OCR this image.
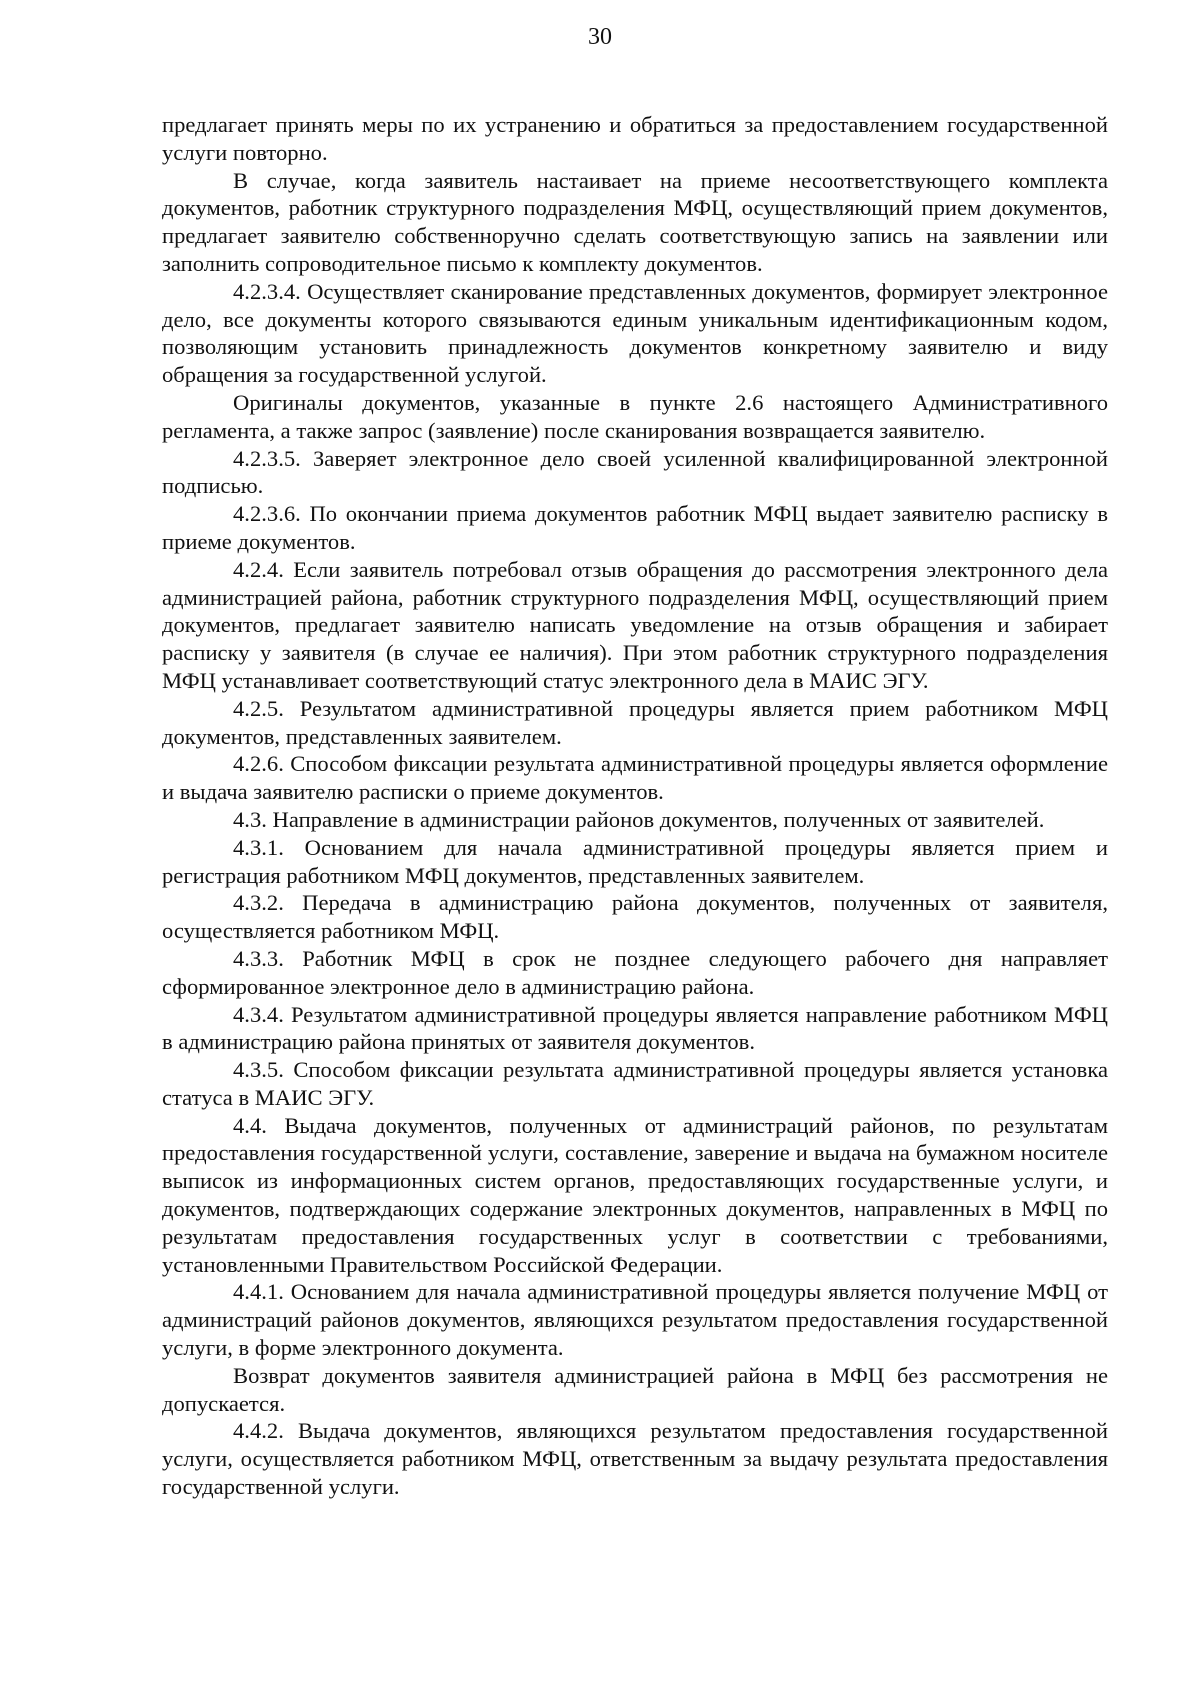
30

предлагает принять меры по их устранению и обратиться за предоставлением государственной услуги повторно.

В случае, когда заявитель настаивает на приеме несоответствующего комплекта документов, работник структурного подразделения МФЦ, осуществляющий прием документов, предлагает заявителю собственноручно сделать соответствующую запись на заявлении или заполнить сопроводительное письмо к комплекту документов.

4.2.3.4. Осуществляет сканирование представленных документов, формирует электронное дело, все документы которого связываются единым уникальным идентификационным кодом, позволяющим установить принадлежность документов конкретному заявителю и виду обращения за государственной услугой.

Оригиналы документов, указанные в пункте 2.6 настоящего Административного регламента, а также запрос (заявление) после сканирования возвращается заявителю.

4.2.3.5. Заверяет электронное дело своей усиленной квалифицированной электронной подписью.

4.2.3.6. По окончании приема документов работник МФЦ выдает заявителю расписку в приеме документов.

4.2.4. Если заявитель потребовал отзыв обращения до рассмотрения электронного дела администрацией района, работник структурного подразделения МФЦ, осуществляющий прием документов, предлагает заявителю написать уведомление на отзыв обращения и забирает расписку у заявителя (в случае ее наличия). При этом работник структурного подразделения МФЦ устанавливает соответствующий статус электронного дела в МАИС ЭГУ.

4.2.5. Результатом административной процедуры является прием работником МФЦ документов, представленных заявителем.

4.2.6. Способом фиксации результата административной процедуры является оформление и выдача заявителю расписки о приеме документов.

4.3. Направление в администрации районов документов, полученных от заявителей.

4.3.1. Основанием для начала административной процедуры является прием и регистрация работником МФЦ документов, представленных заявителем.

4.3.2. Передача в администрацию района документов, полученных от заявителя, осуществляется работником МФЦ.

4.3.3. Работник МФЦ в срок не позднее следующего рабочего дня направляет сформированное электронное дело в администрацию района.

4.3.4. Результатом административной процедуры является направление работником МФЦ в администрацию района принятых от заявителя документов.

4.3.5. Способом фиксации результата административной процедуры является установка статуса в МАИС ЭГУ.

4.4. Выдача документов, полученных от администраций районов, по результатам предоставления государственной услуги, составление, заверение и выдача на бумажном носителе выписок из информационных систем органов, предоставляющих государственные услуги, и документов, подтверждающих содержание электронных документов, направленных в МФЦ по результатам предоставления государственных услуг в соответствии с требованиями, установленными Правительством Российской Федерации.

4.4.1. Основанием для начала административной процедуры является получение МФЦ от администраций районов документов, являющихся результатом предоставления государственной услуги, в форме электронного документа.

Возврат документов заявителя администрацией района в МФЦ без рассмотрения не допускается.

4.4.2. Выдача документов, являющихся результатом предоставления государственной услуги, осуществляется работником МФЦ, ответственным за выдачу результата предоставления государственной услуги.
